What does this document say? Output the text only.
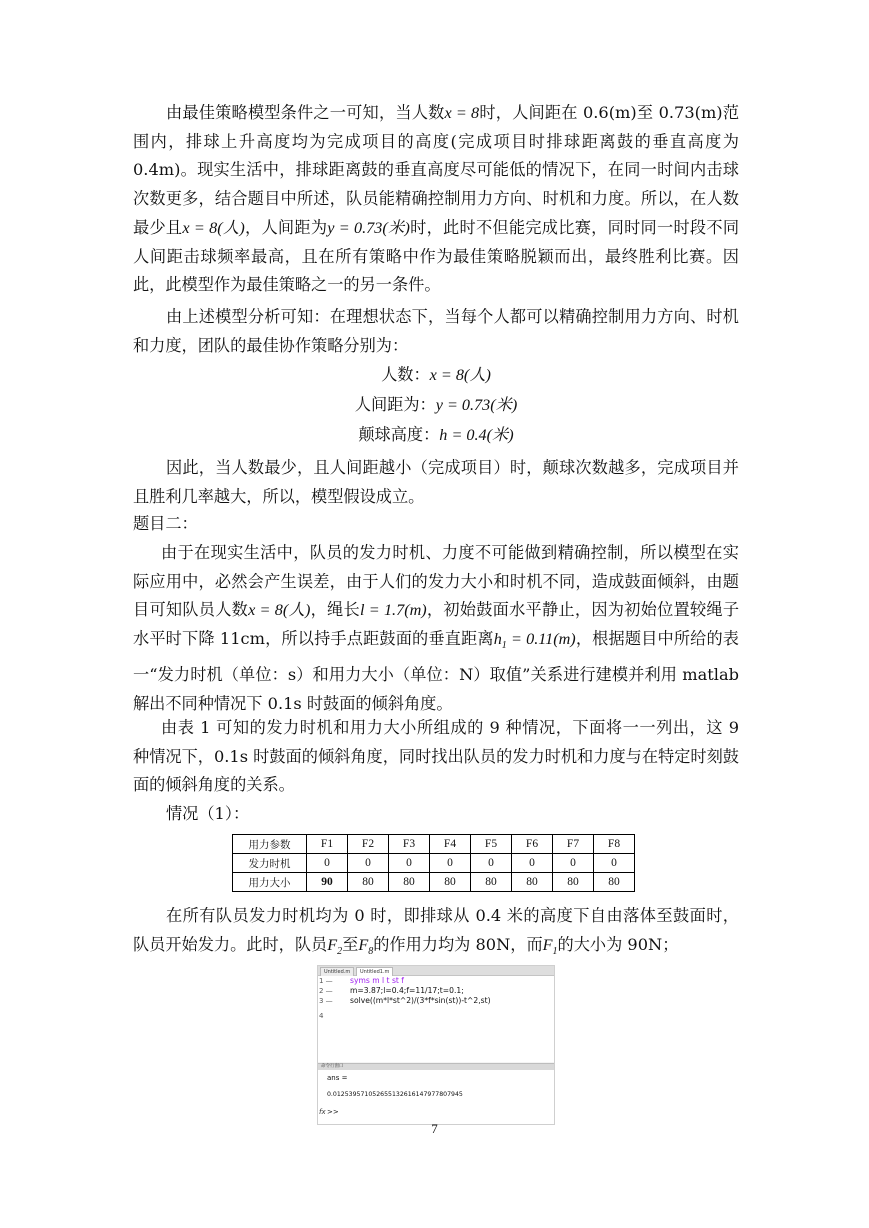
由最佳策略模型条件之一可知，当人数x = 8时，人间距在 0.6(m)至 0.73(m)范围内，排球上升高度均为完成项目的高度(完成项目时排球距离鼓的垂直高度为 0.4m)。现实生活中，排球距离鼓的垂直高度尽可能低的情况下，在同一时间内击球次数更多，结合题目中所述，队员能精确控制用力方向、时机和力度。所以，在人数最少且x = 8(人)，人间距为y = 0.73(米)时，此时不但能完成比赛，同时同一时段不同人间距击球频率最高，且在所有策略中作为最佳策略脱颖而出，最终胜利比赛。因此，此模型作为最佳策略之一的另一条件。

由上述模型分析可知：在理想状态下，当每个人都可以精确控制用力方向、时机和力度，团队的最佳协作策略分别为：

人数：x = 8(人)

人间距为：y = 0.73(米)

颠球高度：h = 0.4(米)

因此，当人数最少，且人间距越小（完成项目）时，颠球次数越多，完成项目并且胜利几率越大，所以，模型假设成立。

题目二：

由于在现实生活中，队员的发力时机、力度不可能做到精确控制，所以模型在实际应用中，必然会产生误差，由于人们的发力大小和时机不同，造成鼓面倾斜，由题目可知队员人数x = 8(人)，绳长l = 1.7(m)，初始鼓面水平静止，因为初始位置较绳子水平时下降 11cm，所以持手点距鼓面的垂直距离$h_1 = 0.11(m)$，根据题目中所给的表一“发力时机（单位：s）和用力大小（单位：N）取值”关系进行建模并利用 matlab 解出不同种情况下 0.1s 时鼓面的倾斜角度。

由表 1 可知的发力时机和用力大小所组成的 9 种情况，下面将一一列出，这 9 种情况下，0.1s 时鼓面的倾斜角度，同时找出队员的发力时机和力度与在特定时刻鼓面的倾斜角度的关系。

情况（1）：

用力参数	F1	F2	F3	F4	F5	F6	F7	F8
发力时机	0	0	0	0	0	0	0	0
用力大小	90	80	80	80	80	80	80	80

在所有队员发力时机均为 0 时，即排球从 0.4 米的高度下自由落体至鼓面时，队员开始发力。此时，队员$F_2$至$F_8$的作用力均为 80N，而$F_1$的大小为 90N；

Untitled.m	Untitled1.m
1 —
2 —
3 —
4
syms m l t st f
m=3.87;l=0.4;f=11/17;t=0.1;
solve((m*l*st^2)/(3*f*sin(st))-t^2,st)
命令行窗口
ans =
0.012539571052655132616147977807945
fx >>
7
